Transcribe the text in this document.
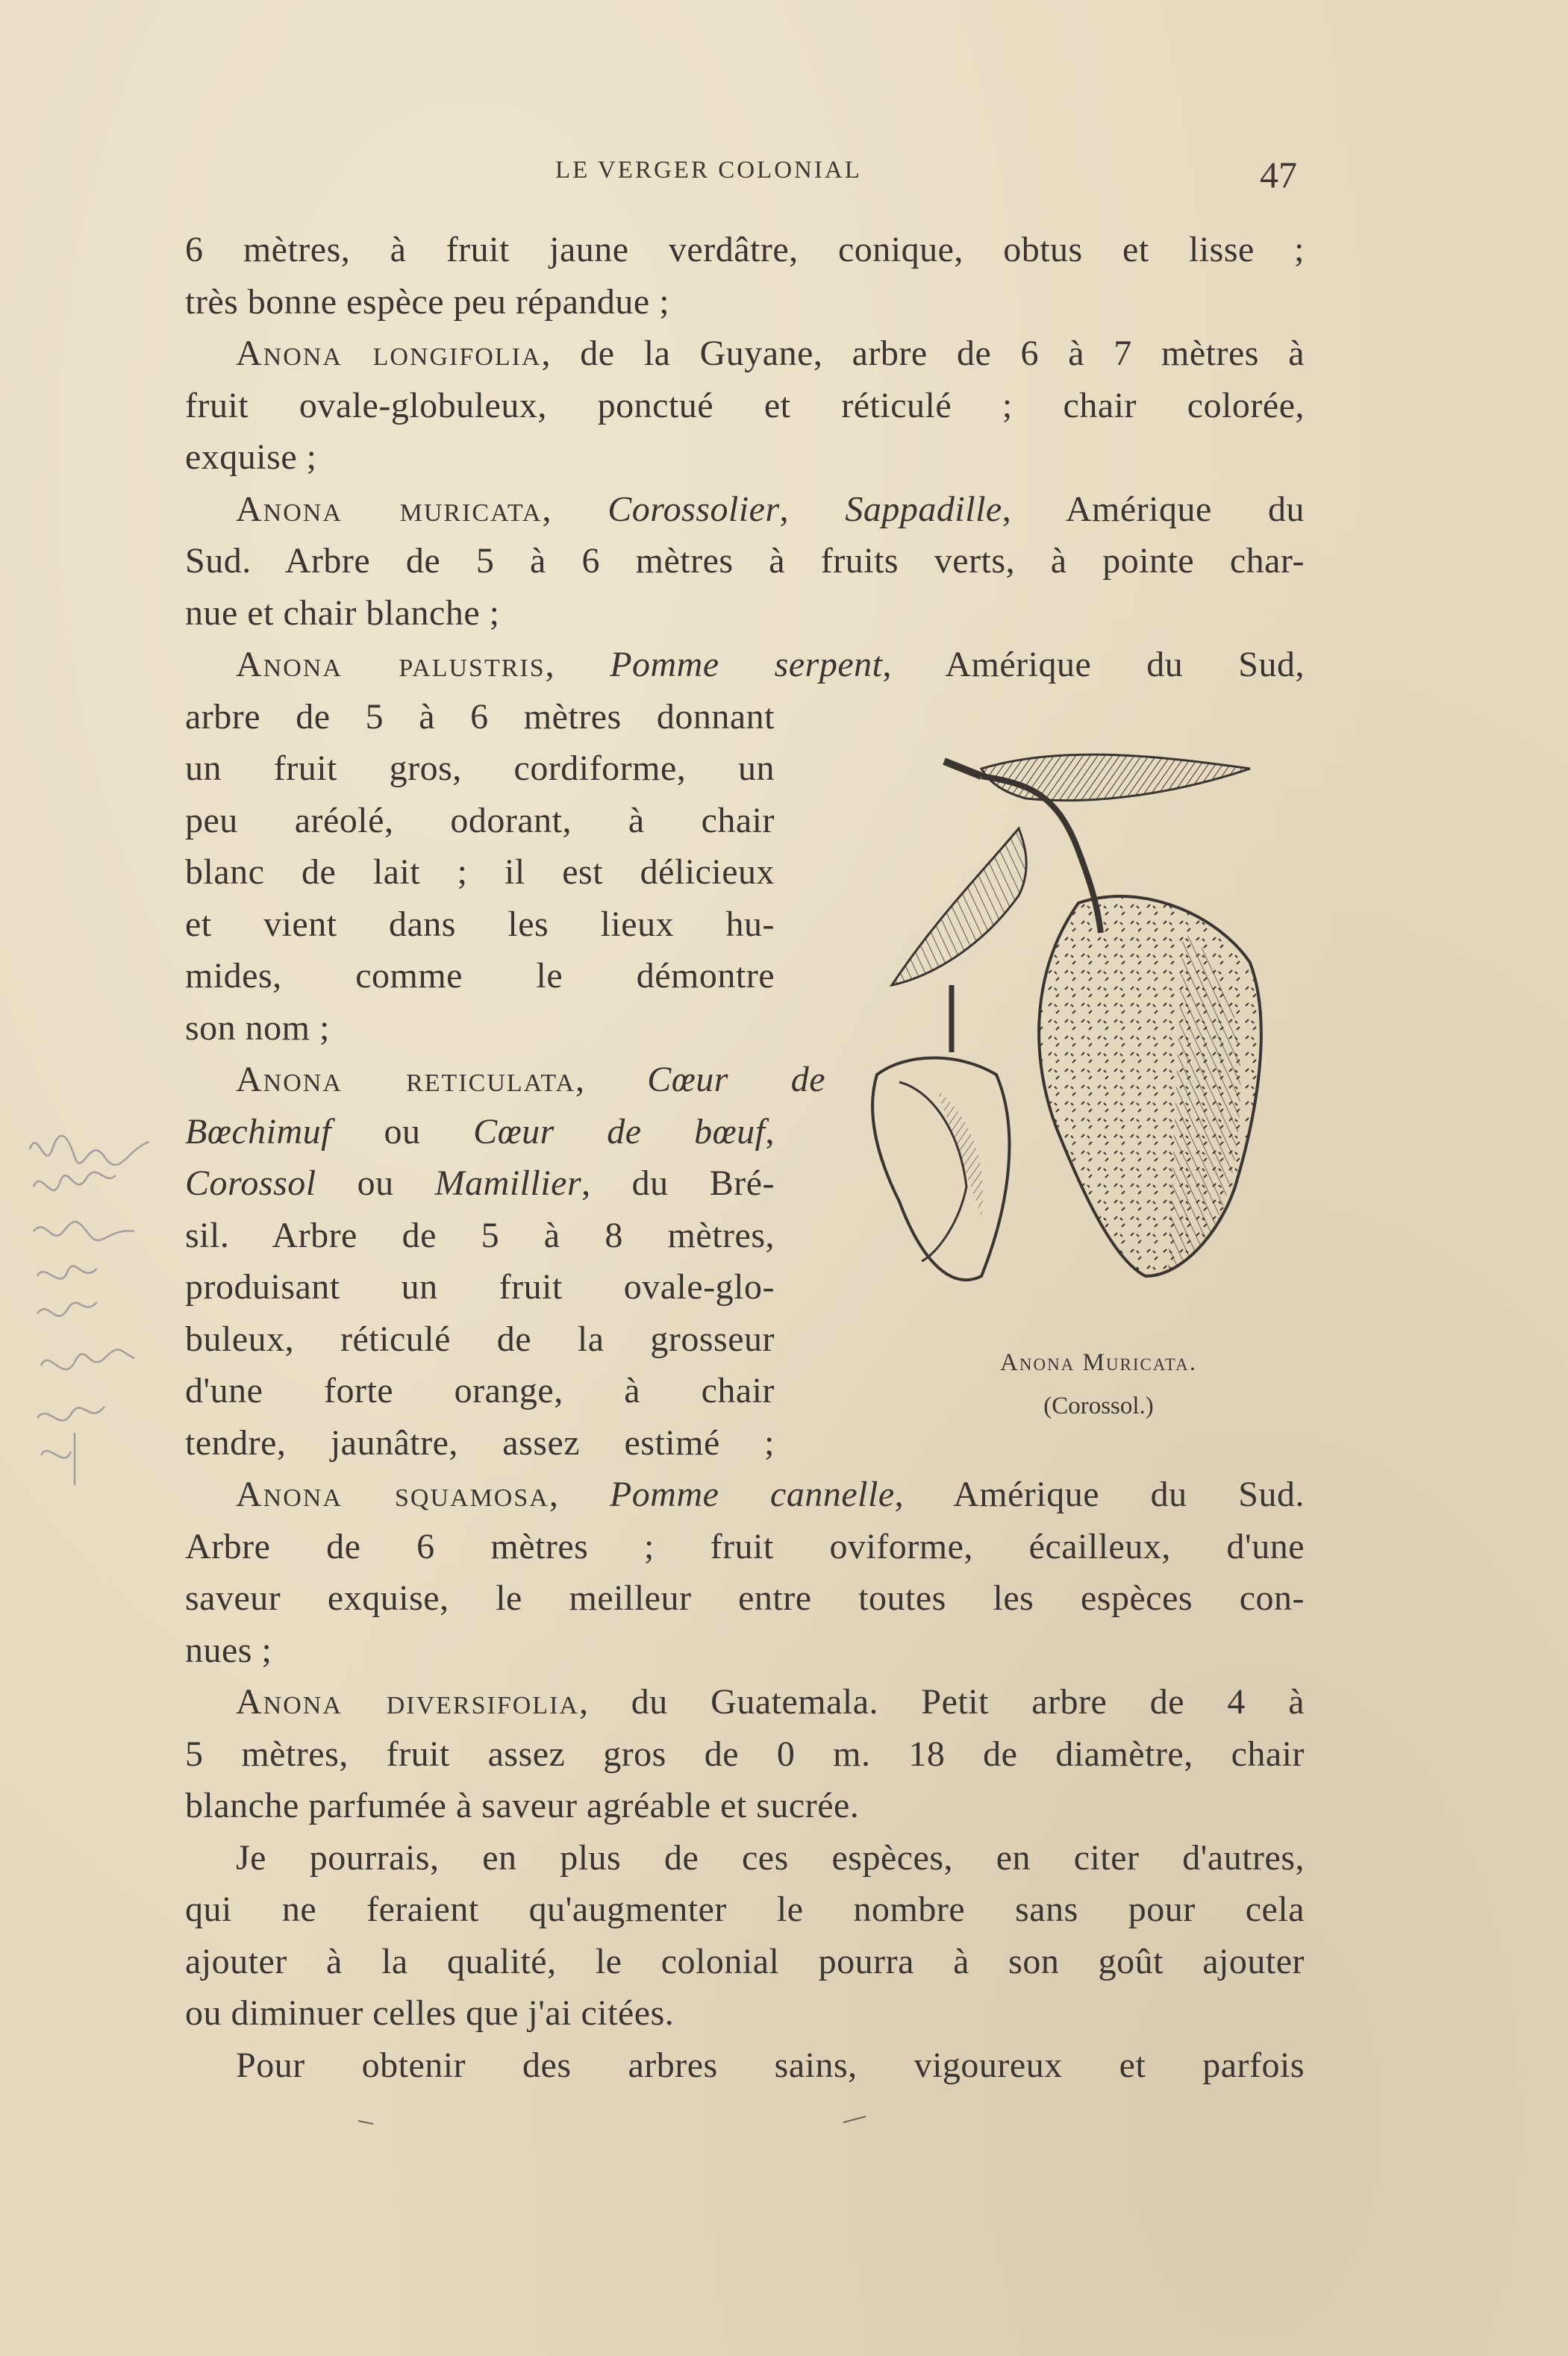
LE VERGER COLONIAL	47
6 mètres, à fruit jaune verdâtre, conique, obtus et lisse ;
très bonne espèce peu répandue ;
Anona longifolia, de la Guyane, arbre de 6 à 7 mètres à
fruit ovale-globuleux, ponctué et réticulé ; chair colorée,
exquise ;
Anona muricata, Corossolier, Sappadille, Amérique du
Sud. Arbre de 5 à 6 mètres à fruits verts, à pointe char-
nue et chair blanche ;
Anona palustris, Pomme serpent, Amérique du Sud,
arbre de 5 à 6 mètres donnant
un fruit gros, cordiforme, un
peu aréolé, odorant, à chair
blanc de lait ; il est délicieux
et vient dans les lieux hu-
mides, comme le démontre
son nom ;
Anona reticulata, Cœur de
Bœchimuf ou Cœur de bœuf,
Corossol ou Mamillier, du Bré-
sil. Arbre de 5 à 8 mètres,
produisant un fruit ovale-glo-
buleux, réticulé de la grosseur
d'une forte orange, à chair
tendre, jaunâtre, assez estimé ;
Anona squamosa, Pomme cannelle, Amérique du Sud.
Arbre de 6 mètres ; fruit oviforme, écailleux, d'une
saveur exquise, le meilleur entre toutes les espèces con-
nues ;
Anona diversifolia, du Guatemala. Petit arbre de 4 à
5 mètres, fruit assez gros de 0 m. 18 de diamètre, chair
blanche parfumée à saveur agréable et sucrée.
Je pourrais, en plus de ces espèces, en citer d'autres,
qui ne feraient qu'augmenter le nombre sans pour cela
ajouter à la qualité, le colonial pourra à son goût ajouter
ou diminuer celles que j'ai citées.
Pour obtenir des arbres sains, vigoureux et parfois
Anona Muricata.
(Corossol.)
